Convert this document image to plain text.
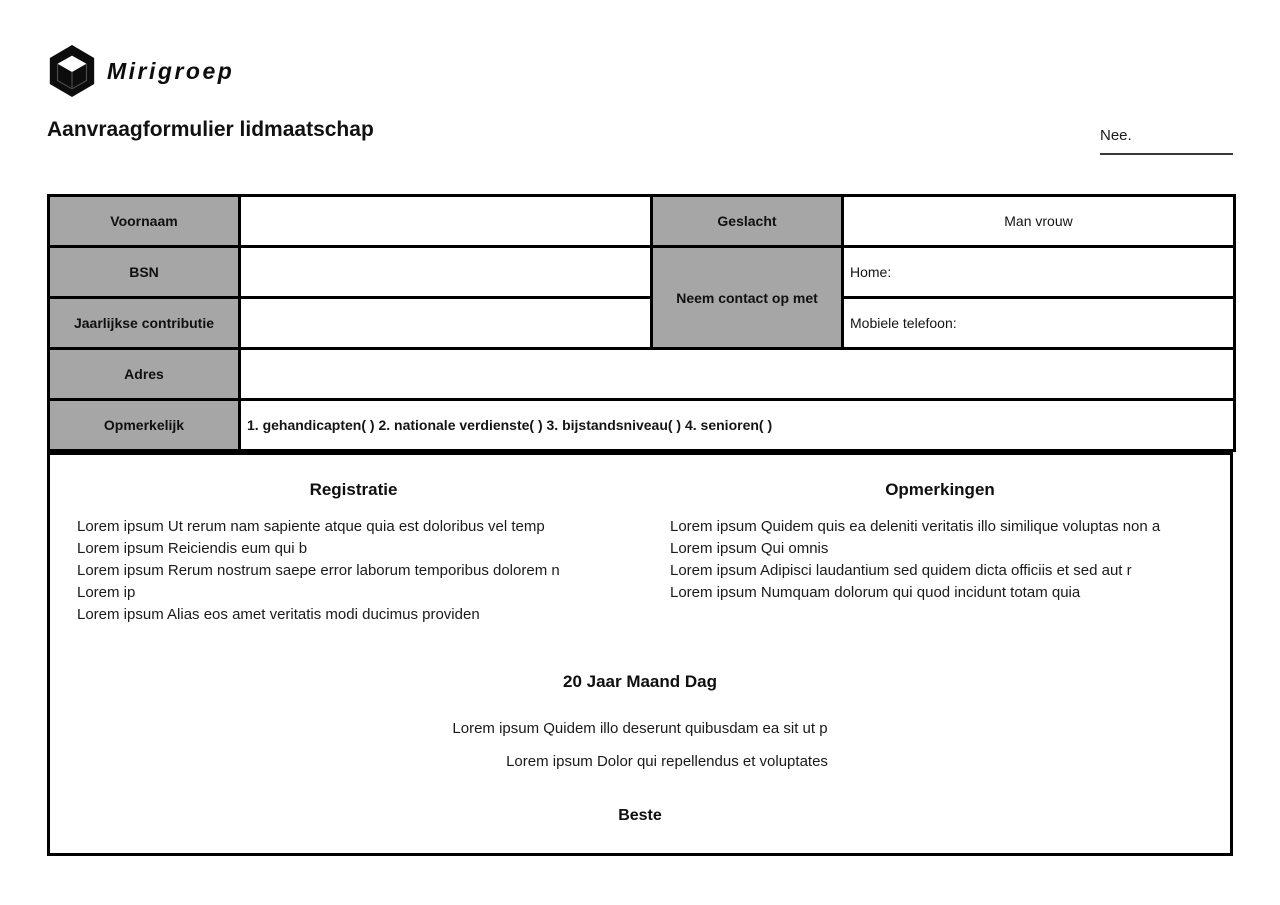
Mirigroep
Aanvraagformulier lidmaatschap	Nee.
Voornaam		Geslacht	Man vrouw
BSN		Neem contact op met	Home:
Jaarlijkse contributie			Mobiele telefoon:
Adres			
Opmerkelijk	1. gehandicapten( ) 2. nationale verdienste( ) 3. bijstandsniveau( ) 4. senioren( )		
Registratie
Lorem ipsum Ut rerum nam sapiente atque quia est doloribus vel temp
Lorem ipsum Reiciendis eum qui b
Lorem ipsum Rerum nostrum saepe error laborum temporibus dolorem n
Lorem ip
Lorem ipsum Alias eos amet veritatis modi ducimus providen
Opmerkingen
Lorem ipsum Quidem quis ea deleniti veritatis illo similique voluptas non a
Lorem ipsum Qui omnis
Lorem ipsum Adipisci laudantium sed quidem dicta officiis et sed aut r
Lorem ipsum Numquam dolorum qui quod incidunt totam quia
20 Jaar Maand Dag

Lorem ipsum Quidem illo deserunt quibusdam ea sit ut p

Lorem ipsum Dolor qui repellendus et voluptates

Beste
